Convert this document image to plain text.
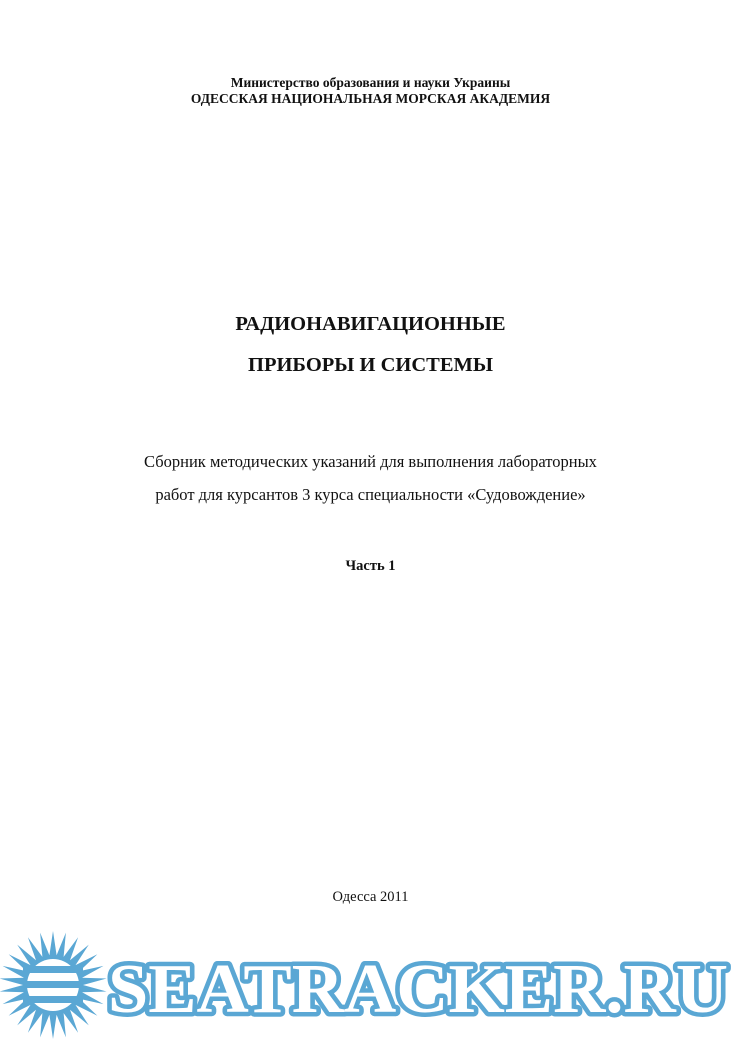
Министерство образования и науки Украины
ОДЕССКАЯ НАЦИОНАЛЬНАЯ МОРСКАЯ АКАДЕМИЯ
РАДИОНАВИГАЦИОННЫЕ
ПРИБОРЫ И СИСТЕМЫ
Сборник методических указаний для выполнения лабораторных
работ для курсантов 3 курса специальности «Судовождение»
Часть 1
Одесса 2011
SEATRACKER.RU
